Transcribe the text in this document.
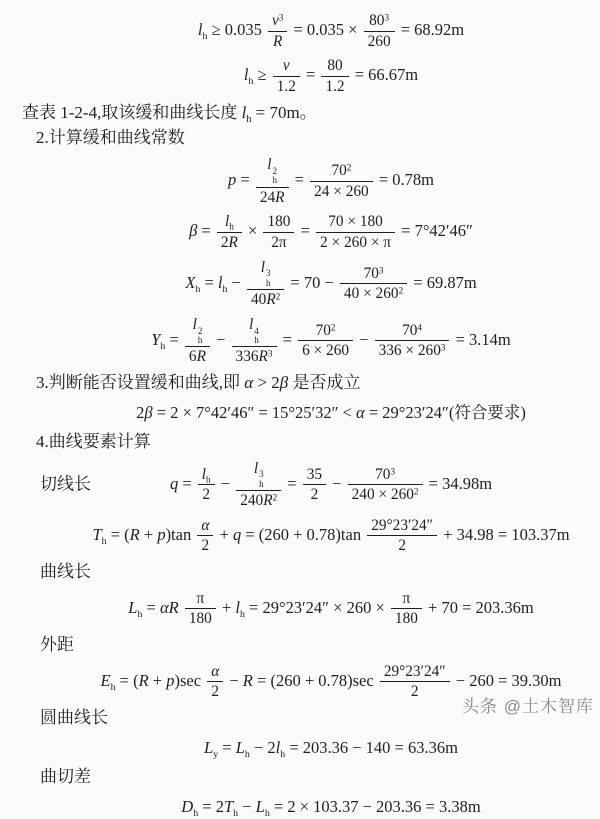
$l_h \ge 0.035 \frac{v^3}{R} = 0.035 \times \frac{80^3}{260} = 68.92m$
$l_h \ge \frac{v}{1.2} = \frac{80}{1.2} = 66.67m$
查表 1-2-4,取该缓和曲线长度 $l_h = 70m$。
2.计算缓和曲线常数
p = l 2
h
$24R = \frac{70^2}{24 \times 260} = 0.78m$
$\beta = \frac{l_h}{2R} \times \frac{180}{2\pi} = \frac{70 \times 180}{2 \times 260 \times \pi} = 7^\circ 42'46''$
$X_h = l_h - l$ 3
h
$40R^2 = 70 - \frac{70^3}{40 \times 260^2} = 69.87m$
$Y_h = l$ 2
h
6R − l 4
h
$336R^3 = \frac{70^2}{6 \times 260} - \frac{70^4}{336 \times 260^3} = 3.14m$
3.判断能否设置缓和曲线,即 α > 2β 是否成立
2β = 2 × 7°42′46″ = 15°25′32″ < α = 29°23′24″(符合要求)
4.曲线要素计算
切线长	$q = \frac{l_h}{2} - l$ 3
h
$240R^2 = \frac{35}{2} - \frac{70^3}{240 \times 260^2} = 34.98m$
$T_h = (R + p)\tan \frac{\alpha}{2} + q = (260 + 0.78)\tan \frac{29^\circ 23'24''}{2} + 34.98 = 103.37m$
曲线长
$L_h = \alpha R \frac{\pi}{180} + l_h = 29^\circ 23'24'' \times 260 \times \frac{\pi}{180} + 70 = 203.36m$
外距
$E_h = (R + p)\sec \frac{\alpha}{2} - R = (260 + 0.78)\sec \frac{29^\circ 23'24''}{2} - 260 = 39.30m$
圆曲线长
$L_y = L_h - 2l_h = 203.36 - 140 = 63.36m$
曲切差
$D_h = 2T_h - L_h = 2 \times 103.37 - 203.36 = 3.38m$
头条 @土木智库
